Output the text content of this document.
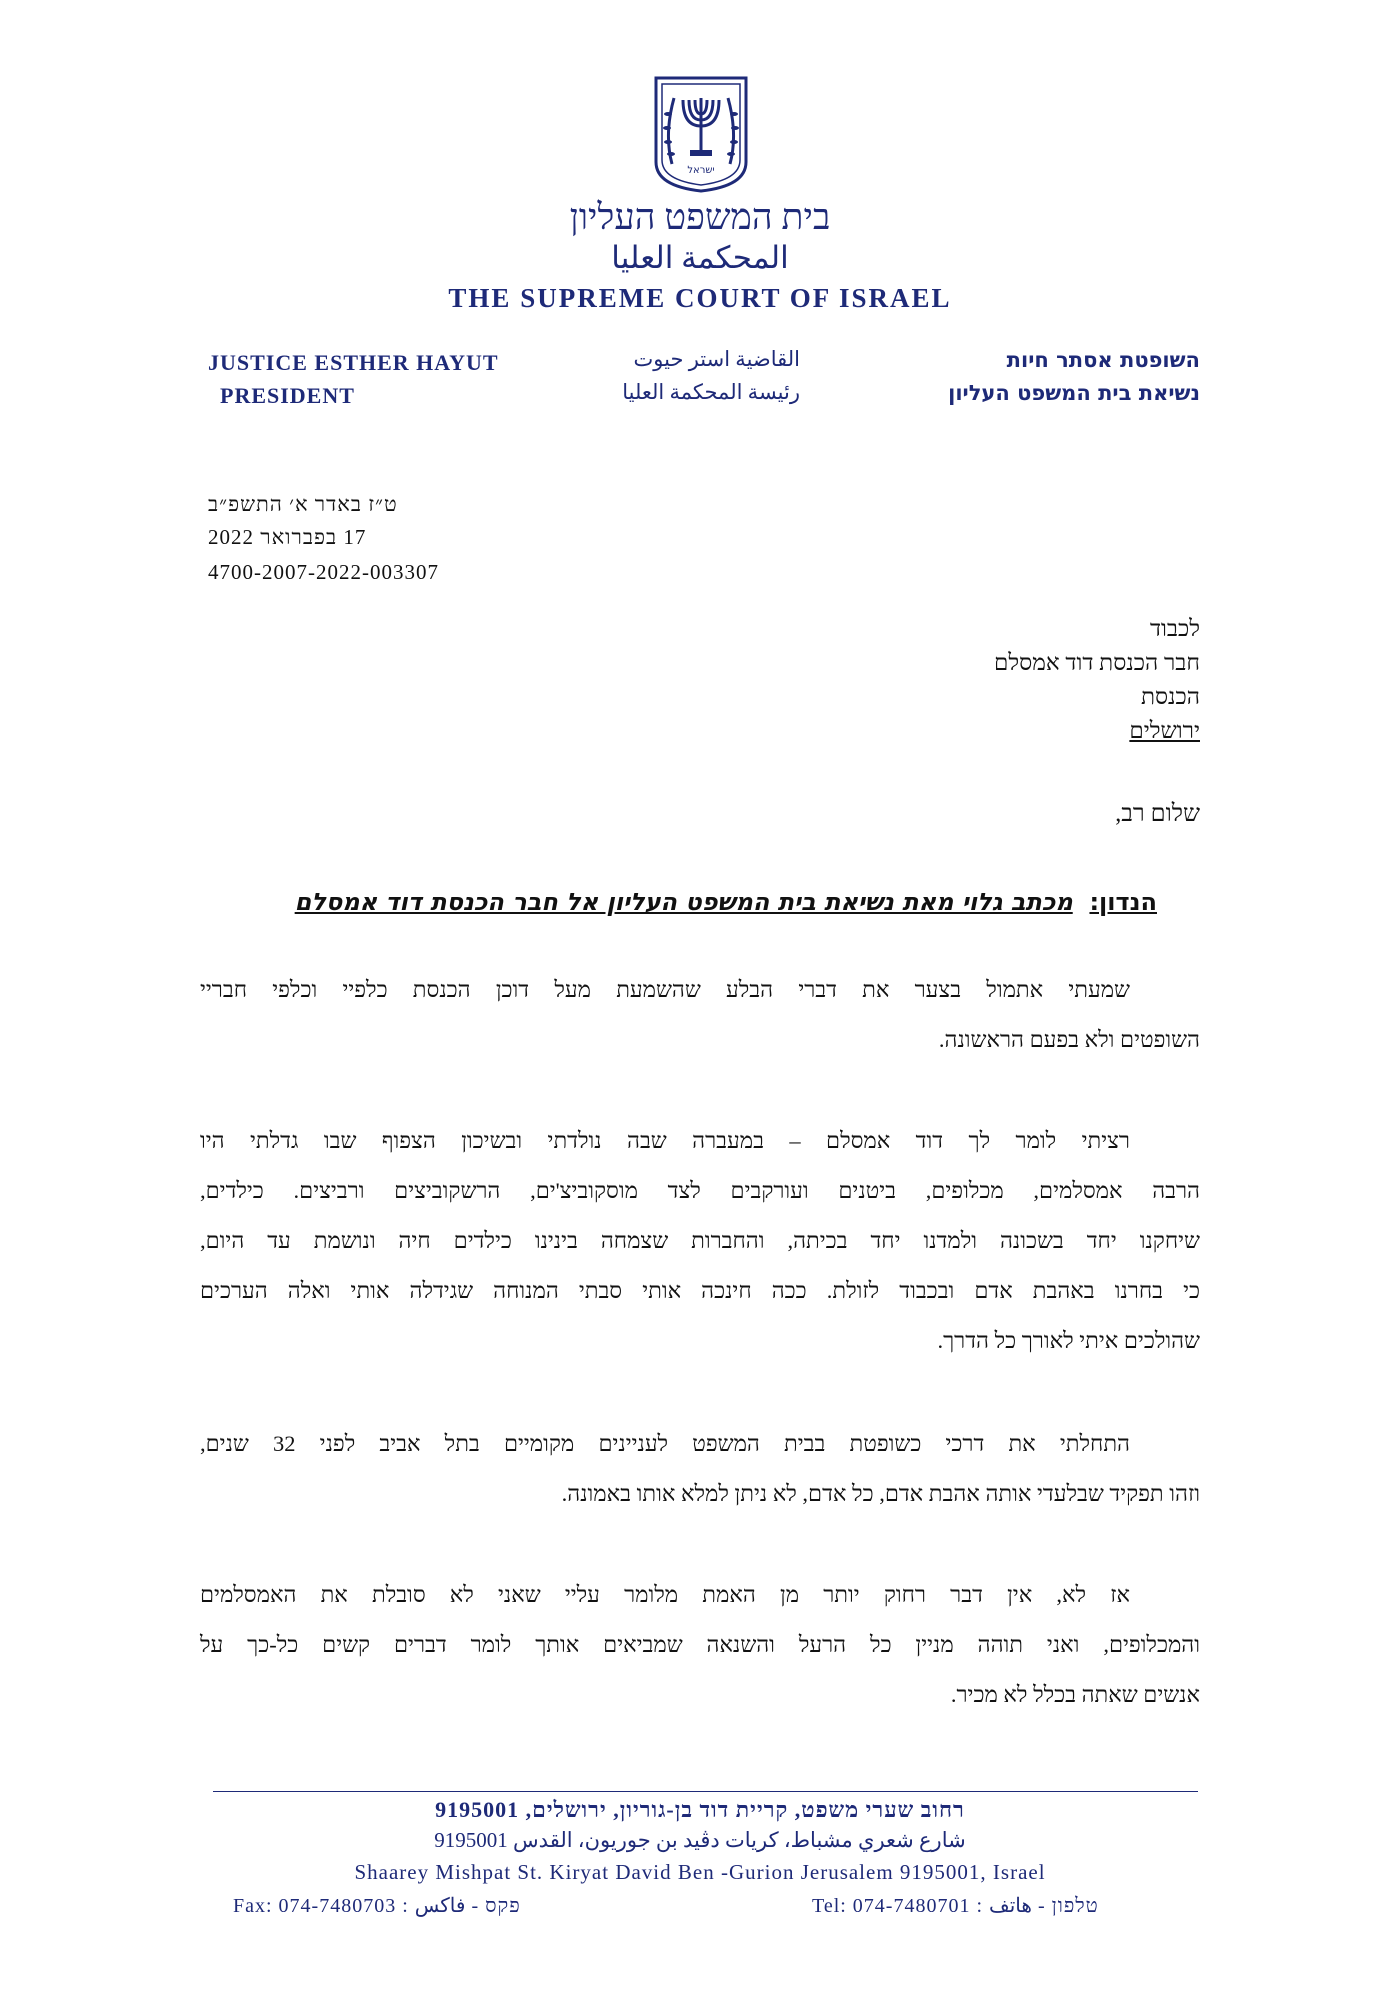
ישראל
בית המשפט העליון
المحكمة العليا
THE SUPREME COURT OF ISRAEL
JUSTICE ESTHER HAYUT
PRESIDENT
القاضية استر حيوت
رئيسة المحكمة العليا
השופטת אסתר חיות
נשיאת בית המשפט העליון
ט״ז באדר א׳ התשפ״ב
17 בפברואר 2022
4700-2007-2022-003307
לכבוד
חבר הכנסת דוד אמסלם
הכנסת
ירושלים
שלום רב,
הנדון:  מכתב גלוי מאת נשיאת בית המשפט העליון אל חבר הכנסת דוד אמסלם
שמעתי אתמול בצער את דברי הבלע שהשמעת מעל דוכן הכנסת כלפיי וכלפי חבריי
השופטים ולא בפעם הראשונה.
רציתי לומר לך דוד אמסלם – במעברה שבה נולדתי ובשיכון הצפוף שבו גדלתי היו
הרבה אמסלמים, מכלופים, ביטנים ועורקבים לצד מוסקוביצ'ים, הרשקוביצים ורביצים. כילדים,
שיחקנו יחד בשכונה ולמדנו יחד בכיתה, והחברות שצמחה בינינו כילדים חיה ונושמת עד היום,
כי בחרנו באהבת אדם ובכבוד לזולת. ככה חינכה אותי סבתי המנוחה שגידלה אותי ואלה הערכים
שהולכים איתי לאורך כל הדרך.
התחלתי את דרכי כשופטת בבית המשפט לעניינים מקומיים בתל אביב לפני 32 שנים,
וזהו תפקיד שבלעדי אותה אהבת אדם, כל אדם, לא ניתן למלא אותו באמונה.
אז לא, אין דבר רחוק יותר מן האמת מלומר עליי שאני לא סובלת את האמסלמים
והמכלופים, ואני תוהה מניין כל הרעל והשנאה שמביאים אותך לומר דברים קשים כל-כך על
אנשים שאתה בכלל לא מכיר.
רחוב שערי משפט, קריית דוד בן-גוריון, ירושלים, 9195001
شارع شعري مشباط، كريات دڤيد بن جوريون، القدس 9195001
Shaarey Mishpat St. Kiryat David Ben -Gurion Jerusalem 9195001, Israel
Fax: 074-7480703 : פקס - فاكس	Tel: 074-7480701 : טלפון - هاتف
